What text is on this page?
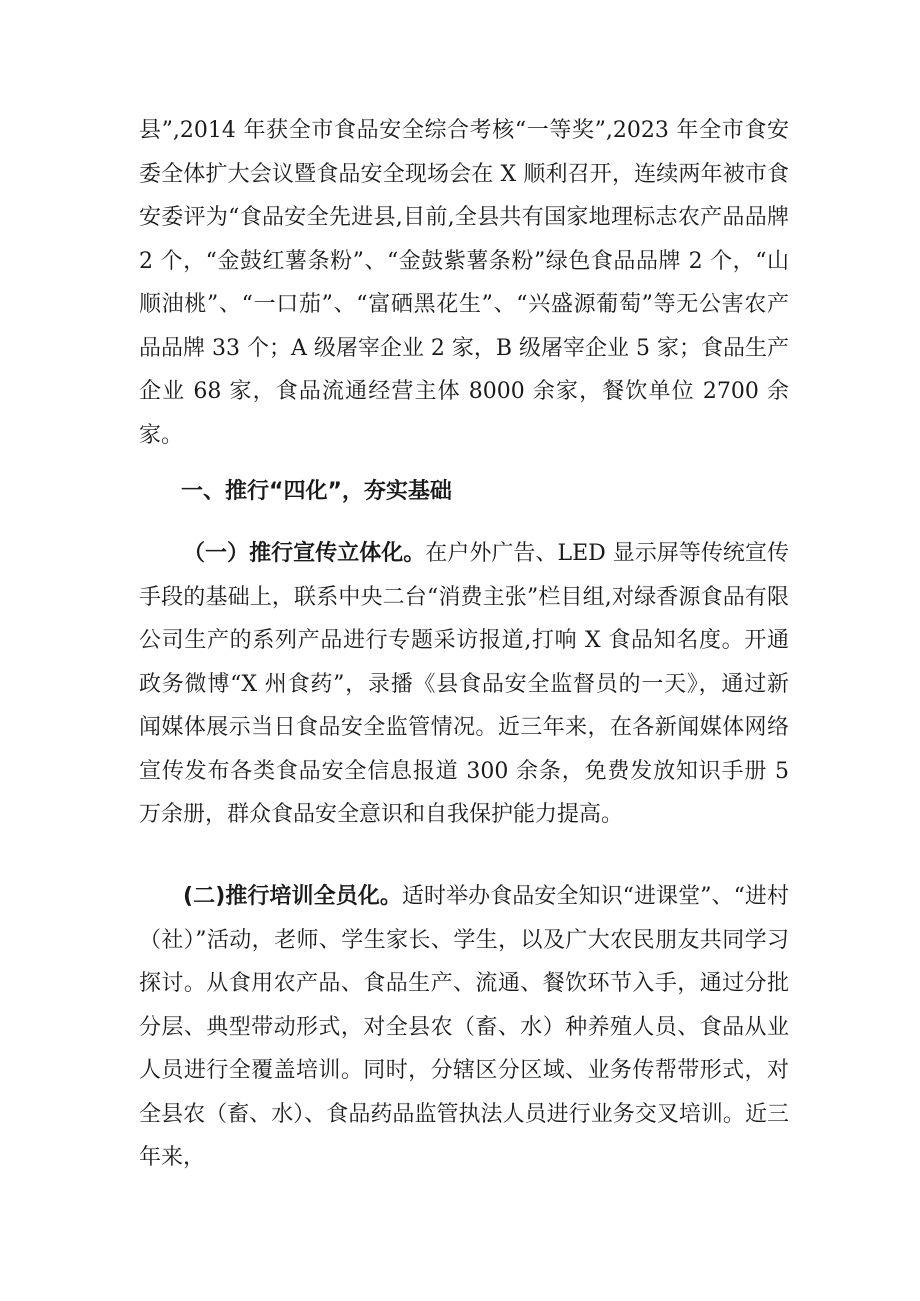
县”,2014 年获全市食品安全综合考核“一等奖”,2023 年全市食安委全体扩大会议暨食品安全现场会在 X 顺利召开，连续两年被市食安委评为“食品安全先进县,目前,全县共有国家地理标志农产品品牌 2 个，“金鼓红薯条粉”、“金鼓紫薯条粉”绿色食品品牌 2 个，“山顺油桃”、“一口茄”、“富硒黑花生”、“兴盛源葡萄”等无公害农产品品牌 33 个；A 级屠宰企业 2 家，B 级屠宰企业 5 家；食品生产企业 68 家，食品流通经营主体 8000 余家，餐饮单位 2700 余家。

一、推行“四化”，夯实基础

（一）推行宣传立体化。在户外广告、LED 显示屏等传统宣传手段的基础上，联系中央二台“消费主张”栏目组,对绿香源食品有限公司生产的系列产品进行专题采访报道,打响 X 食品知名度。开通政务微博“X 州食药”，录播《县食品安全监督员的一天》，通过新闻媒体展示当日食品安全监管情况。近三年来，在各新闻媒体网络宣传发布各类食品安全信息报道 300 余条，免费发放知识手册 5 万余册，群众食品安全意识和自我保护能力提高。

(二)推行培训全员化。适时举办食品安全知识“进课堂”、“进村（社）”活动，老师、学生家长、学生，以及广大农民朋友共同学习探讨。从食用农产品、食品生产、流通、餐饮环节入手，通过分批分层、典型带动形式，对全县农（畜、水）种养殖人员、食品从业人员进行全覆盖培训。同时，分辖区分区域、业务传帮带形式，对全县农（畜、水）、食品药品监管执法人员进行业务交叉培训。近三年来，
